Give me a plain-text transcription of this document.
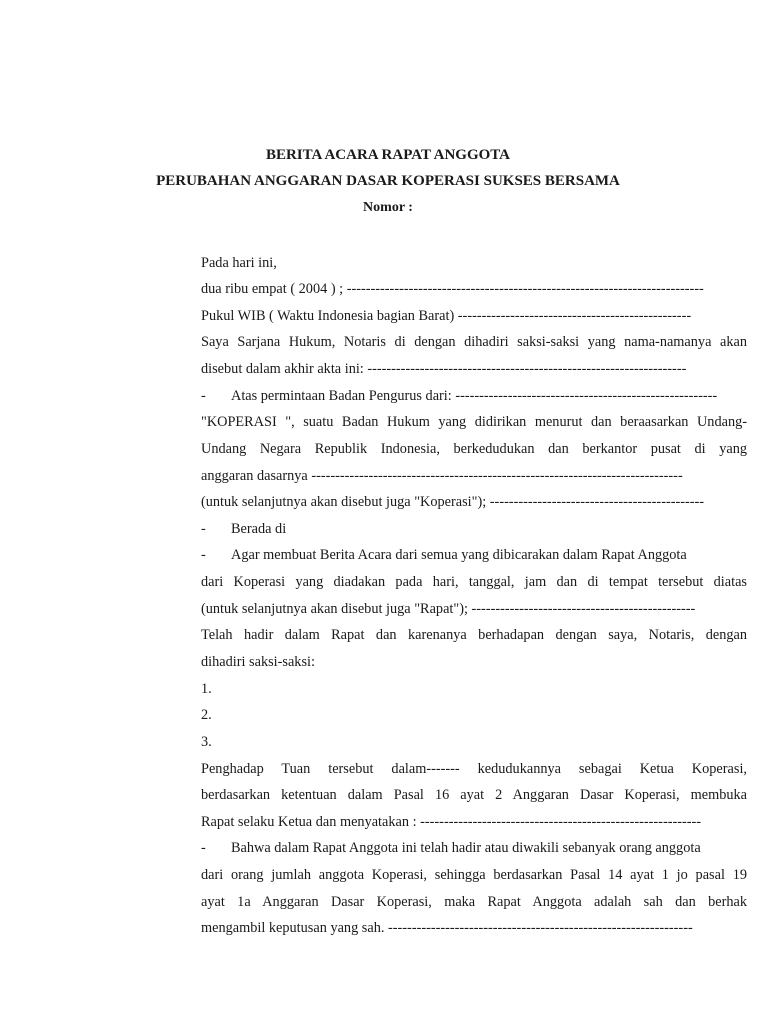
BERITA ACARA RAPAT ANGGOTA
PERUBAHAN ANGGARAN DASAR KOPERASI SUKSES BERSAMA
Nomor :
Pada hari ini,
dua ribu empat ( 2004 ) ; ---------------------------------------------------------------------------
Pukul WIB ( Waktu Indonesia bagian Barat) -------------------------------------------------
Saya Sarjana Hukum, Notaris di dengan dihadiri saksi-saksi yang nama-namanya akan
disebut dalam akhir akta ini: -------------------------------------------------------------------
- Atas permintaan Badan Pengurus dari: -------------------------------------------------------
"KOPERASI ", suatu Badan Hukum yang didirikan menurut dan beraasarkan Undang-
Undang Negara Republik Indonesia, berkedudukan dan berkantor pusat di yang
anggaran dasarnya ------------------------------------------------------------------------------
(untuk selanjutnya akan disebut juga "Koperasi"); ---------------------------------------------
- Berada di
- Agar membuat Berita Acara dari semua yang dibicarakan dalam Rapat Anggota
dari Koperasi yang diadakan pada hari, tanggal, jam dan di tempat tersebut diatas
(untuk selanjutnya akan disebut juga "Rapat"); -----------------------------------------------
Telah hadir dalam Rapat dan karenanya berhadapan dengan saya, Notaris, dengan
dihadiri saksi-saksi:
1.
2.
3.
Penghadap Tuan tersebut dalam------- kedudukannya sebagai Ketua Koperasi,
berdasarkan ketentuan dalam Pasal 16 ayat 2 Anggaran Dasar Koperasi, membuka
Rapat selaku Ketua dan menyatakan : -----------------------------------------------------------
- Bahwa dalam Rapat Anggota ini telah hadir atau diwakili sebanyak orang anggota
dari orang jumlah anggota Koperasi, sehingga berdasarkan Pasal 14 ayat 1 jo pasal 19
ayat 1a Anggaran Dasar Koperasi, maka Rapat Anggota adalah sah dan berhak
mengambil keputusan yang sah. ----------------------------------------------------------------
